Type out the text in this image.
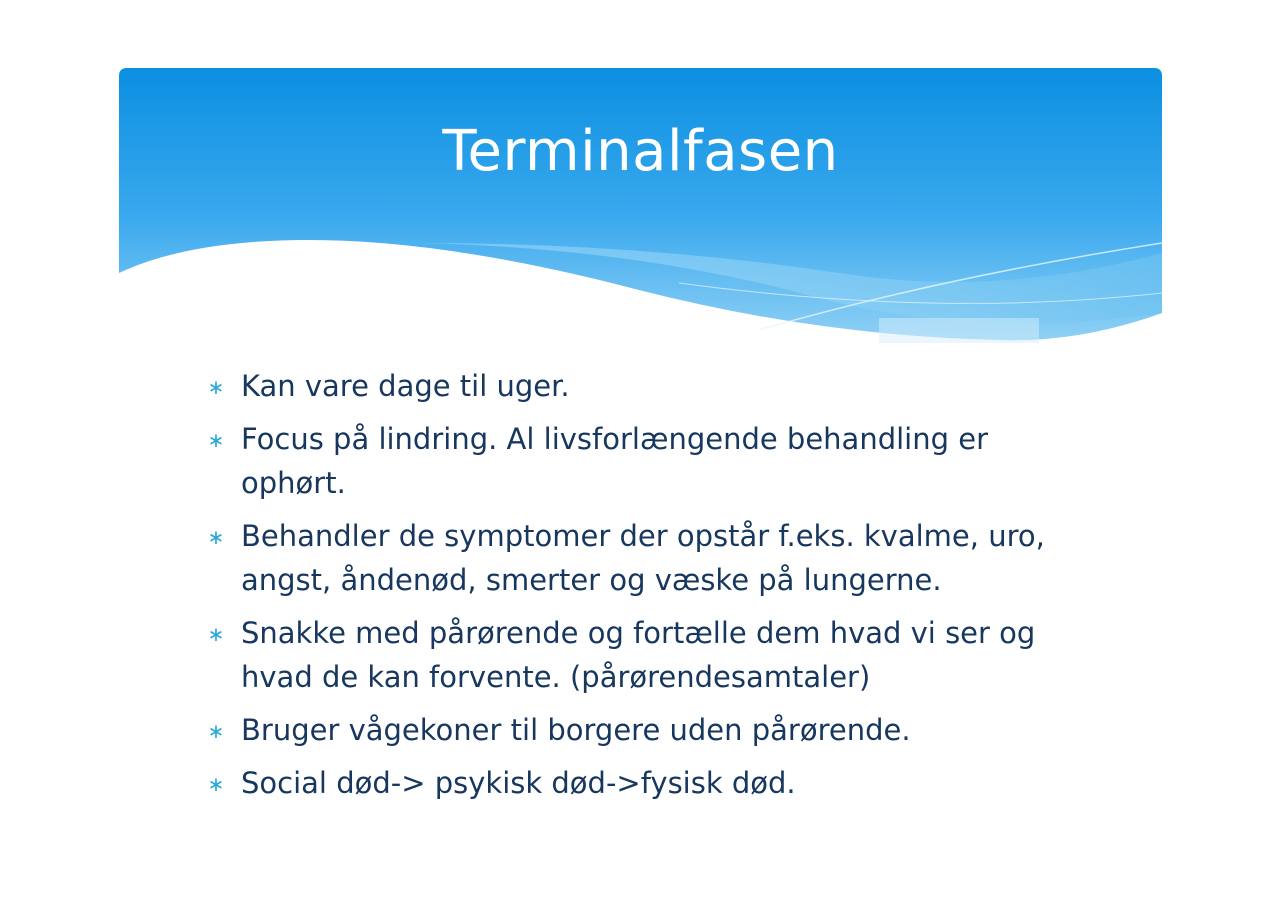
Terminalfasen
∗ Kan vare dage til uger.
∗ Focus på lindring. Al livsforlængende behandling er ophørt.
∗ Behandler de symptomer der opstår f.eks. kvalme, uro, angst, åndenød, smerter og væske på lungerne.
∗ Snakke med pårørende og fortælle dem hvad vi ser og hvad de kan forvente. (pårørendesamtaler)
∗ Bruger vågekoner til borgere uden pårørende.
∗ Social død-> psykisk død->fysisk død.
